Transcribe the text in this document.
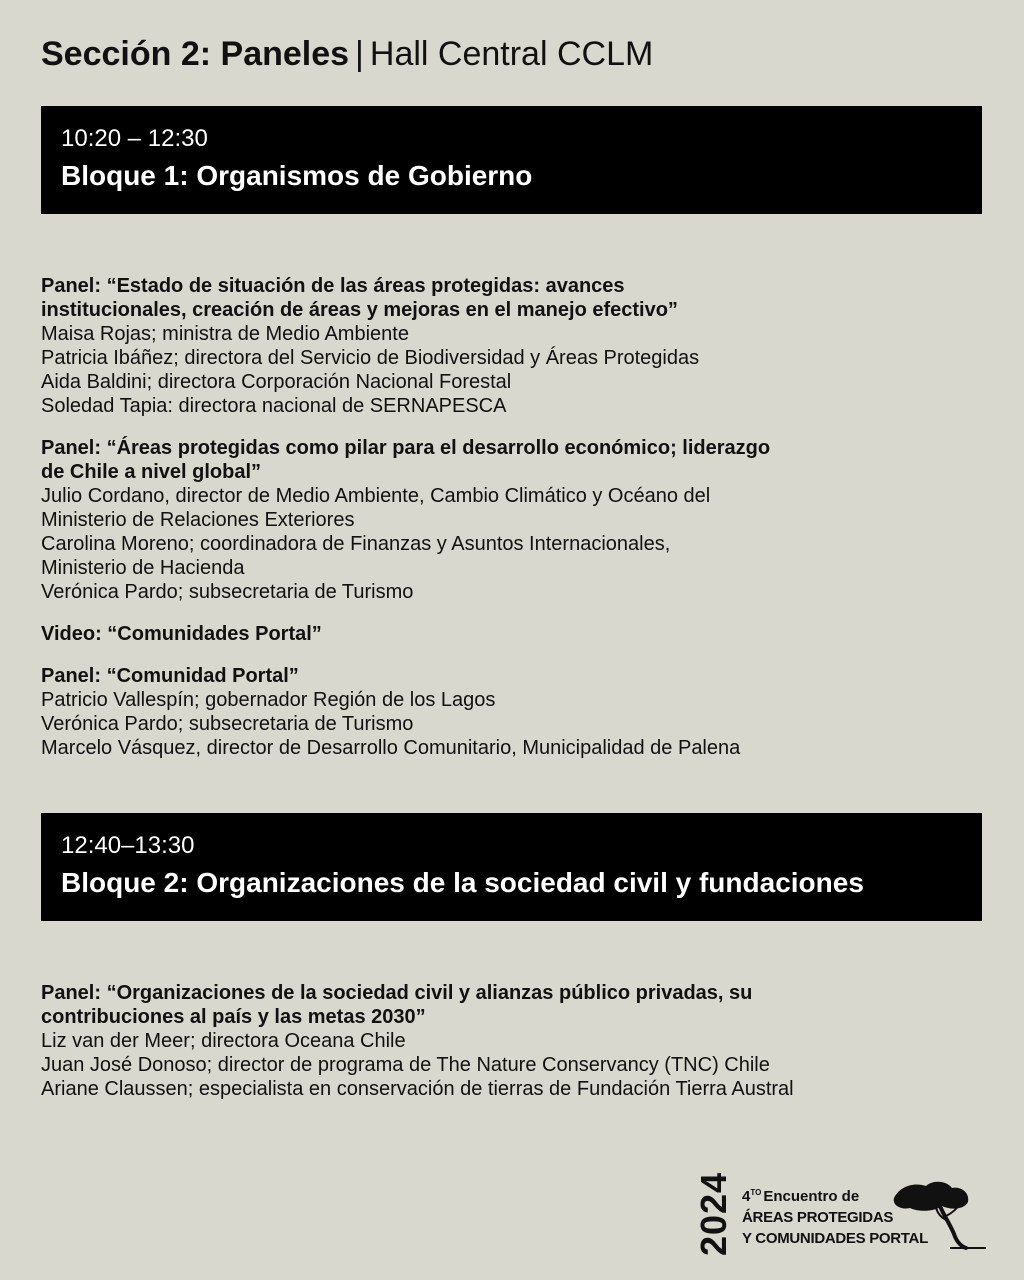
Sección 2: Paneles | Hall Central CCLM
10:20 – 12:30
Bloque 1: Organismos de Gobierno
Panel: “Estado de situación de las áreas protegidas: avances
institucionales, creación de áreas y mejoras en el manejo efectivo”
Maisa Rojas; ministra de Medio Ambiente
Patricia Ibáñez; directora del Servicio de Biodiversidad y Áreas Protegidas
Aida Baldini; directora Corporación Nacional Forestal
Soledad Tapia: directora nacional de SERNAPESCA
Panel: “Áreas protegidas como pilar para el desarrollo económico; liderazgo
de Chile a nivel global”
Julio Cordano, director de Medio Ambiente, Cambio Climático y Océano del
Ministerio de Relaciones Exteriores
Carolina Moreno; coordinadora de Finanzas y Asuntos Internacionales,
Ministerio de Hacienda
Verónica Pardo; subsecretaria de Turismo
Video: “Comunidades Portal”
Panel: “Comunidad Portal”
Patricio Vallespín; gobernador Región de los Lagos
Verónica Pardo; subsecretaria de Turismo
Marcelo Vásquez, director de Desarrollo Comunitario, Municipalidad de Palena
12:40–13:30
Bloque 2: Organizaciones de la sociedad civil y fundaciones
Panel: “Organizaciones de la sociedad civil y alianzas público privadas, su
contribuciones al país y las metas 2030”
Liz van der Meer; directora Oceana Chile
Juan José Donoso; director de programa de The Nature Conservancy (TNC) Chile
Ariane Claussen; especialista en conservación de tierras de Fundación Tierra Austral
2024 $4^{TO}$ Encuentro de
ÁREAS PROTEGIDAS
Y COMUNIDADES PORTAL
